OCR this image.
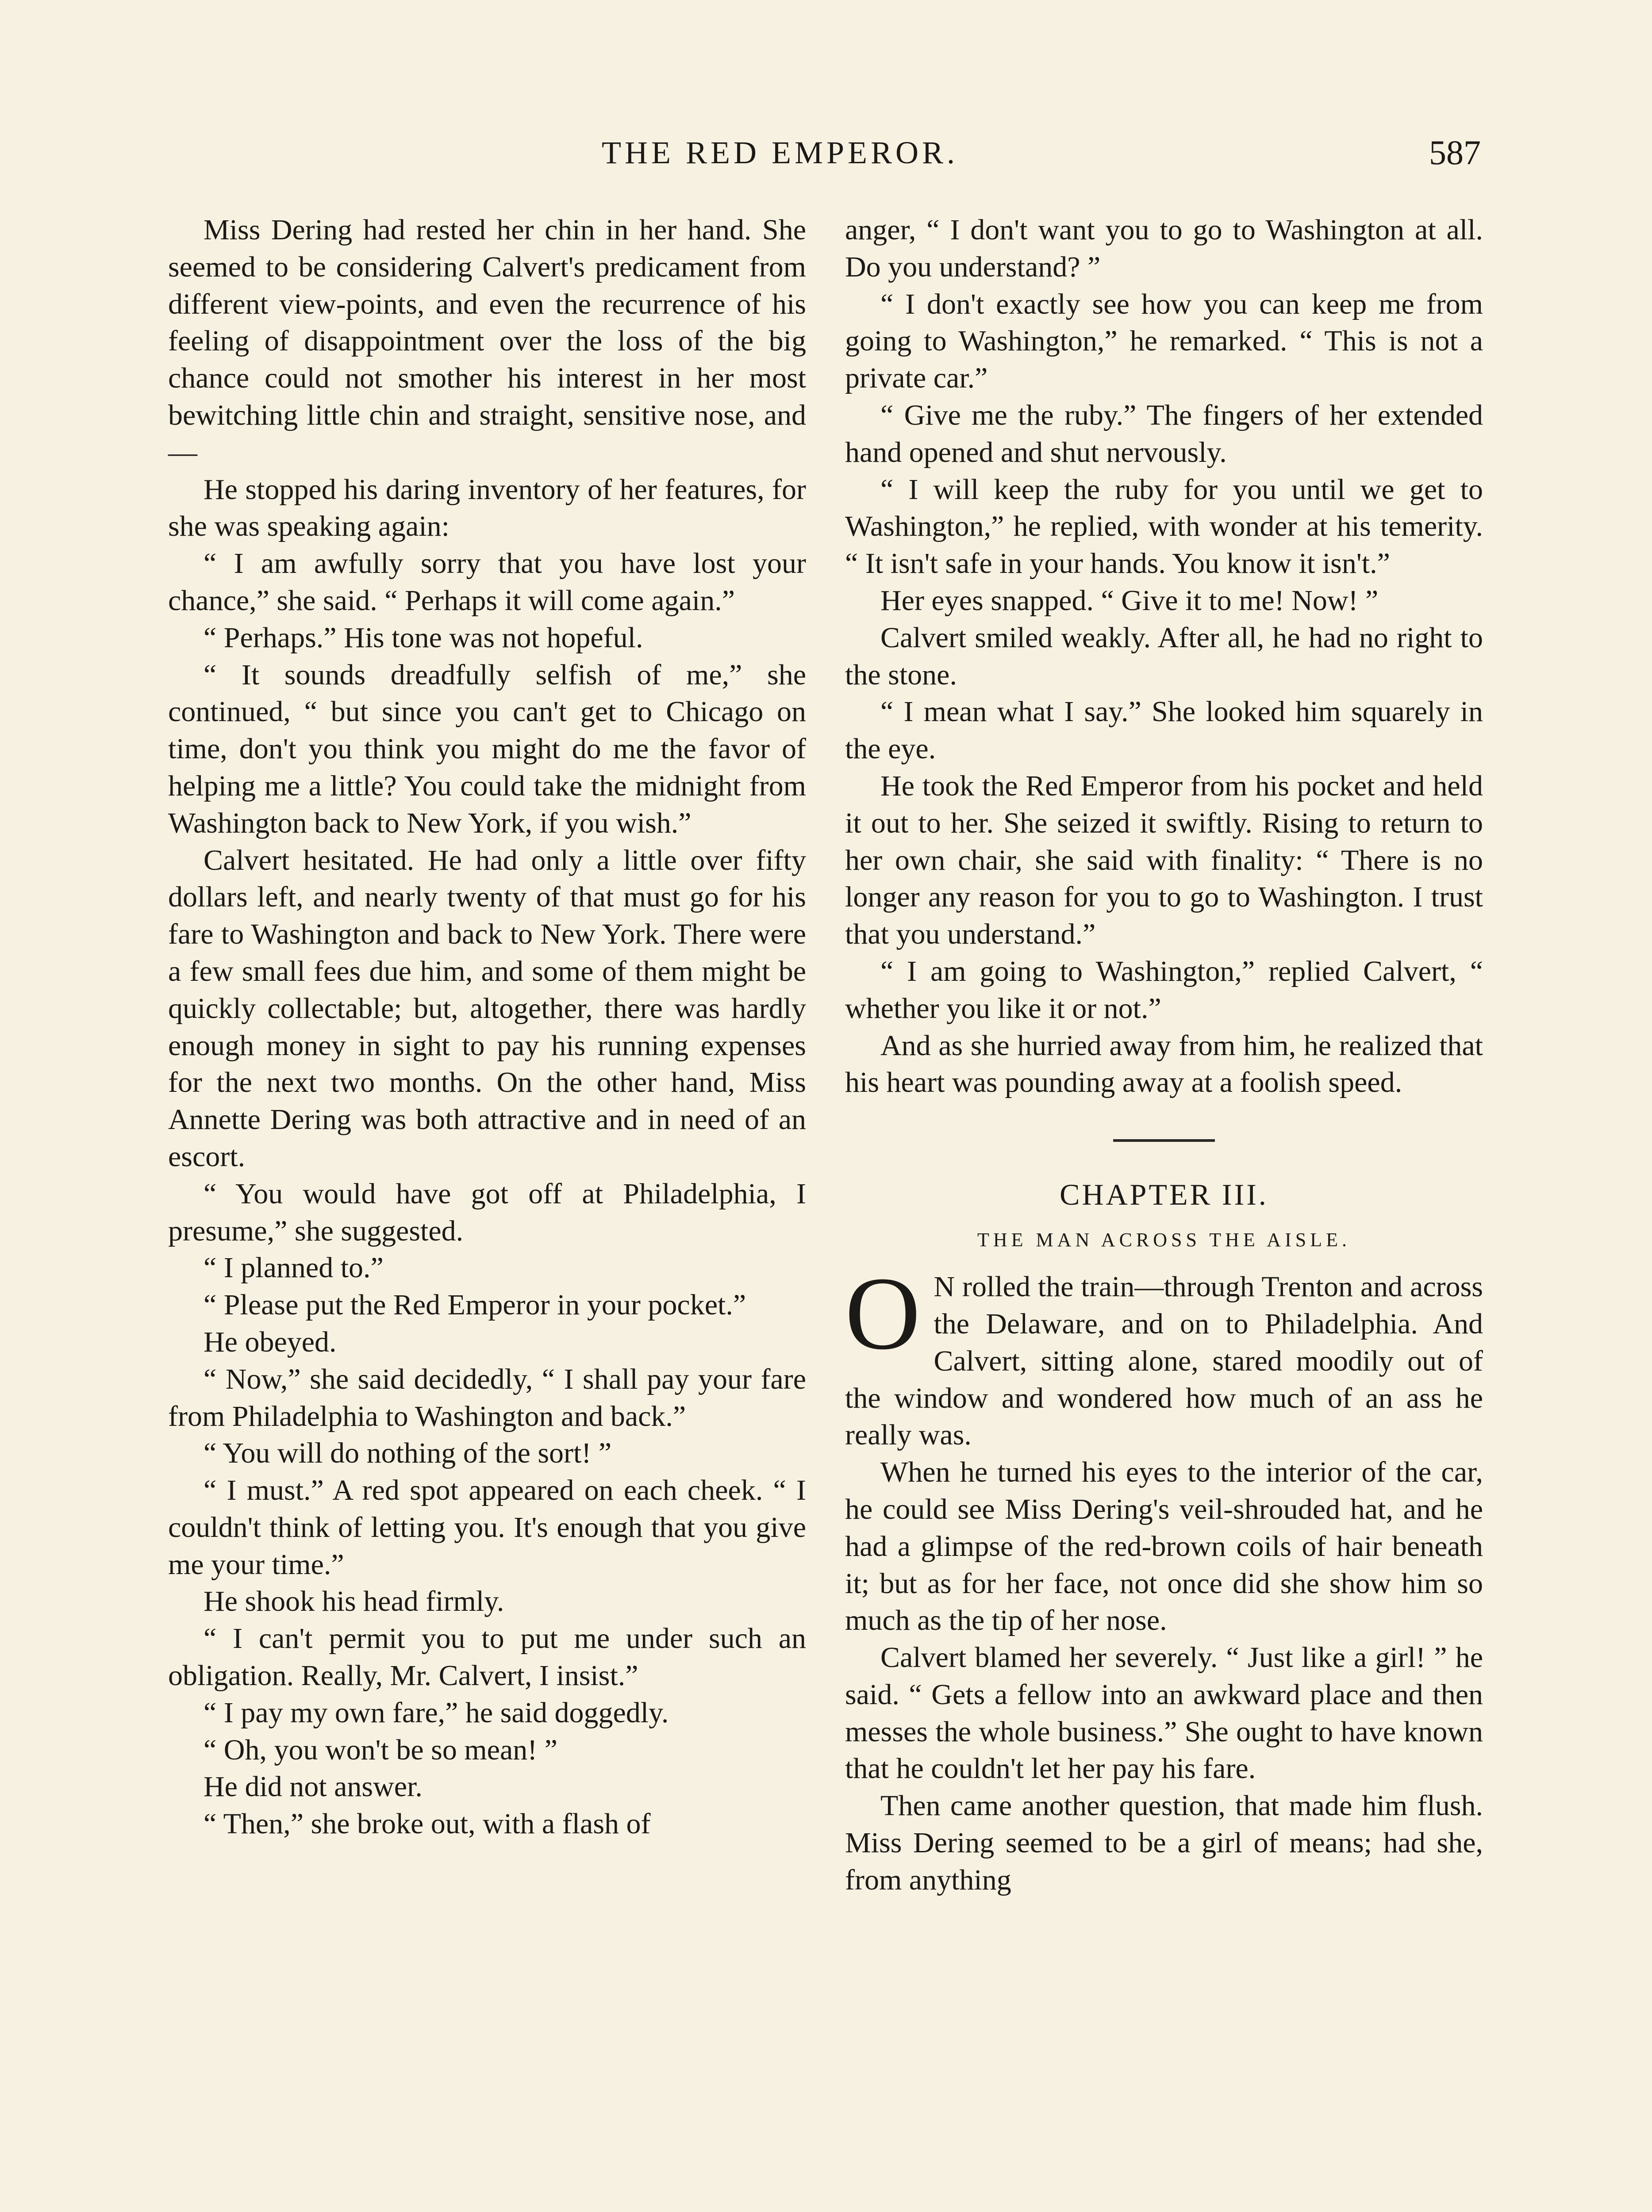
THE RED EMPEROR.	587

Miss Dering had rested her chin in her hand. She seemed to be considering Calvert's predicament from different view-points, and even the recurrence of his feeling of disappointment over the loss of the big chance could not smother his interest in her most bewitching little chin and straight, sensitive nose, and—

He stopped his daring inventory of her features, for she was speaking again:

“ I am awfully sorry that you have lost your chance,” she said. “ Perhaps it will come again.”

“ Perhaps.” His tone was not hopeful.

“ It sounds dreadfully selfish of me,” she continued, “ but since you can't get to Chicago on time, don't you think you might do me the favor of helping me a little? You could take the midnight from Washington back to New York, if you wish.”

Calvert hesitated. He had only a little over fifty dollars left, and nearly twenty of that must go for his fare to Washington and back to New York. There were a few small fees due him, and some of them might be quickly collectable; but, altogether, there was hardly enough money in sight to pay his running expenses for the next two months. On the other hand, Miss Annette Dering was both attractive and in need of an escort.

“ You would have got off at Philadelphia, I presume,” she suggested.

“ I planned to.”

“ Please put the Red Emperor in your pocket.”

He obeyed.

“ Now,” she said decidedly, “ I shall pay your fare from Philadelphia to Washington and back.”

“ You will do nothing of the sort! ”

“ I must.” A red spot appeared on each cheek. “ I couldn't think of letting you. It's enough that you give me your time.”

He shook his head firmly.

“ I can't permit you to put me under such an obligation. Really, Mr. Calvert, I insist.”

“ I pay my own fare,” he said doggedly.

“ Oh, you won't be so mean! ”

He did not answer.

“ Then,” she broke out, with a flash of

anger, “ I don't want you to go to Washington at all. Do you understand? ”

“ I don't exactly see how you can keep me from going to Washington,” he remarked. “ This is not a private car.”

“ Give me the ruby.” The fingers of her extended hand opened and shut nervously.

“ I will keep the ruby for you until we get to Washington,” he replied, with wonder at his temerity. “ It isn't safe in your hands. You know it isn't.”

Her eyes snapped. “ Give it to me! Now! ”

Calvert smiled weakly. After all, he had no right to the stone.

“ I mean what I say.” She looked him squarely in the eye.

He took the Red Emperor from his pocket and held it out to her. She seized it swiftly. Rising to return to her own chair, she said with finality: “ There is no longer any reason for you to go to Washington. I trust that you understand.”

“ I am going to Washington,” replied Calvert, “ whether you like it or not.”

And as she hurried away from him, he realized that his heart was pounding away at a foolish speed.

CHAPTER III.
THE MAN ACROSS THE AISLE.

O N rolled the train—through Trenton and across the Delaware, and on to Philadelphia. And Calvert, sitting alone, stared moodily out of the window and wondered how much of an ass he really was.

When he turned his eyes to the interior of the car, he could see Miss Dering's veil-shrouded hat, and he had a glimpse of the red-brown coils of hair beneath it; but as for her face, not once did she show him so much as the tip of her nose.

Calvert blamed her severely. “ Just like a girl! ” he said. “ Gets a fellow into an awkward place and then messes the whole business.” She ought to have known that he couldn't let her pay his fare.

Then came another question, that made him flush. Miss Dering seemed to be a girl of means; had she, from anything
